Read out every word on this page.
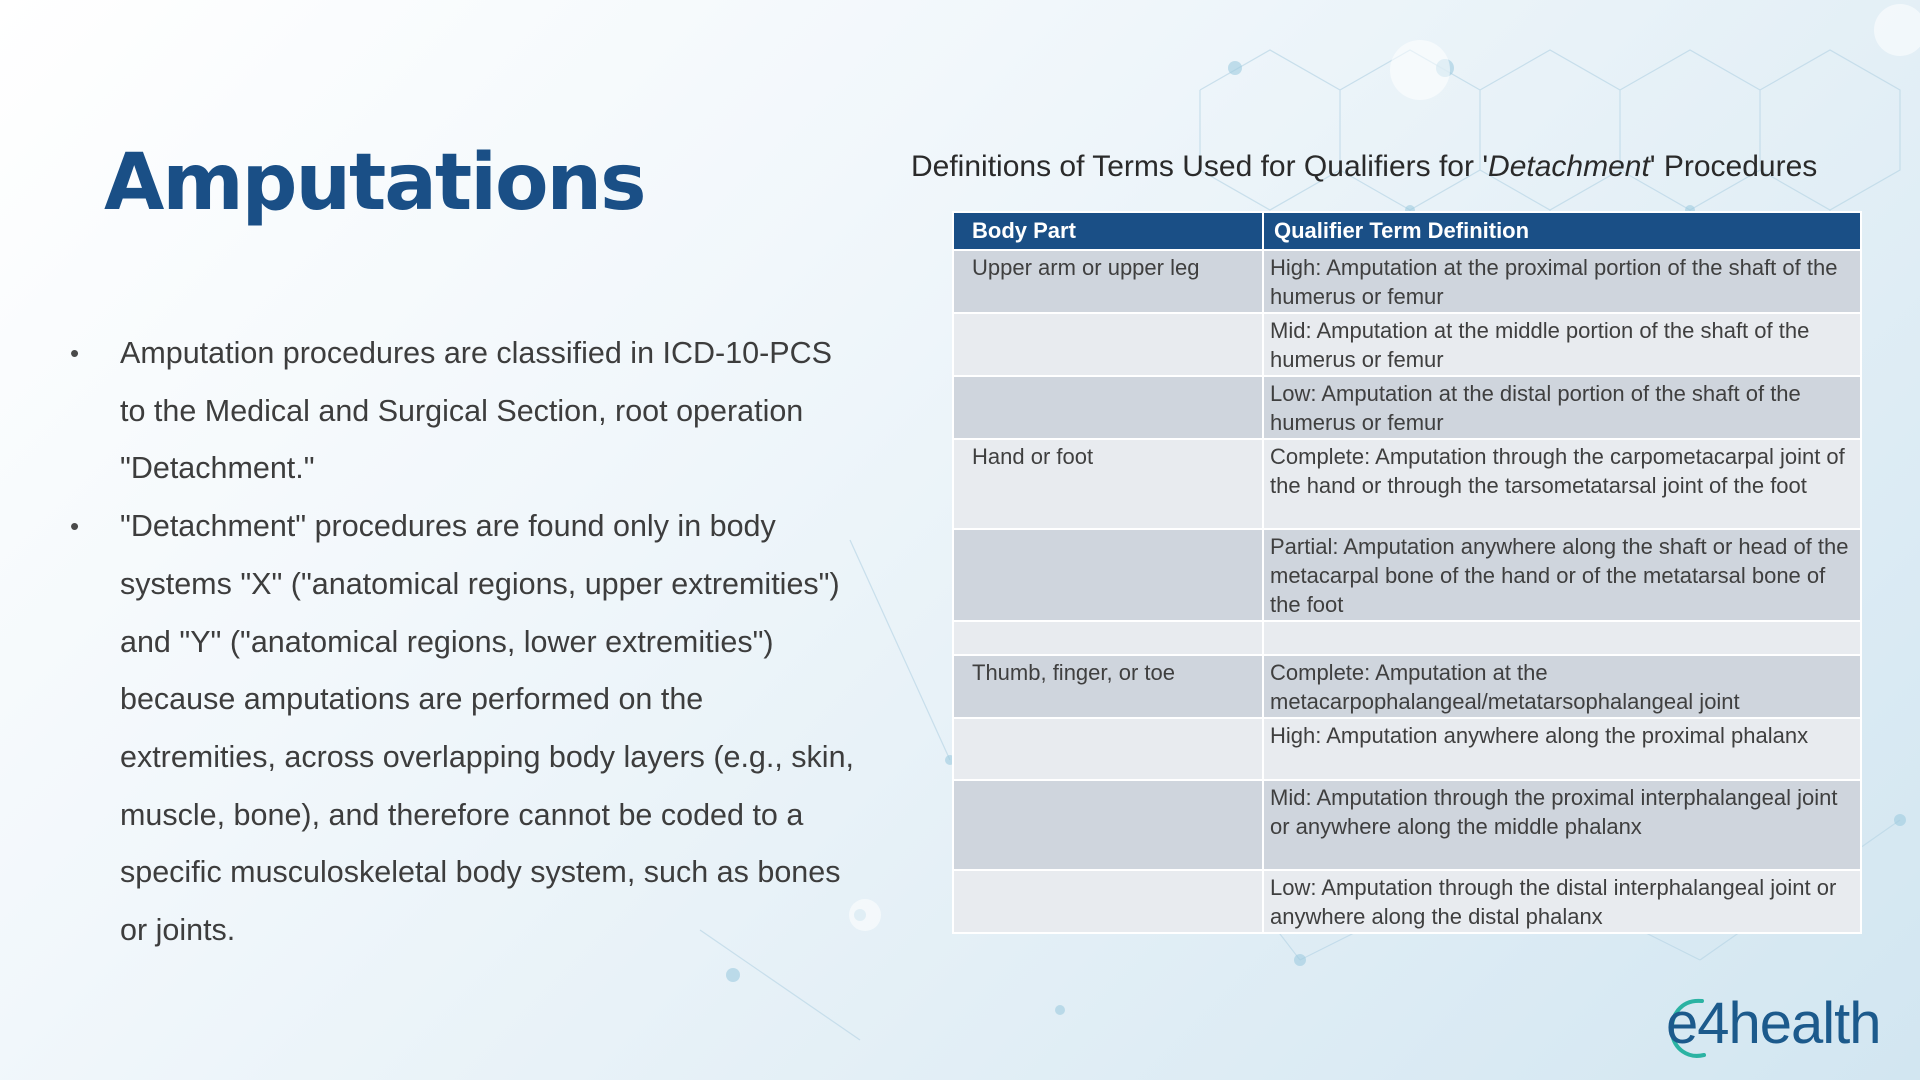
Amputations
• Amputation procedures are classified in ICD-10-PCS to the Medical and Surgical Section, root operation "Detachment."
• "Detachment" procedures are found only in body systems "X" ("anatomical regions, upper extremities") and "Y" ("anatomical regions, lower extremities") because amputations are performed on the extremities, across overlapping body layers (e.g., skin, muscle, bone), and therefore cannot be coded to a specific musculoskeletal body system, such as bones or joints.
Definitions of Terms Used for Qualifiers for 'Detachment' Procedures
Body Part	Qualifier Term Definition
Upper arm or upper leg	High: Amputation at the proximal portion of the shaft of the humerus or femur
	Mid: Amputation at the middle portion of the shaft of the humerus or femur
	Low: Amputation at the distal portion of the shaft of the humerus or femur
Hand or foot	Complete: Amputation through the carpometacarpal joint of the hand or through the tarsometatarsal joint of the foot
	Partial: Amputation anywhere along the shaft or head of the metacarpal bone of the hand or of the metatarsal bone of the foot

Thumb, finger, or toe	Complete: Amputation at the metacarpophalangeal/metatarsophalangeal joint
	High: Amputation anywhere along the proximal phalanx
	Mid: Amputation through the proximal interphalangeal joint or anywhere along the middle phalanx
	Low: Amputation through the distal interphalangeal joint or anywhere along the distal phalanx
e4health
